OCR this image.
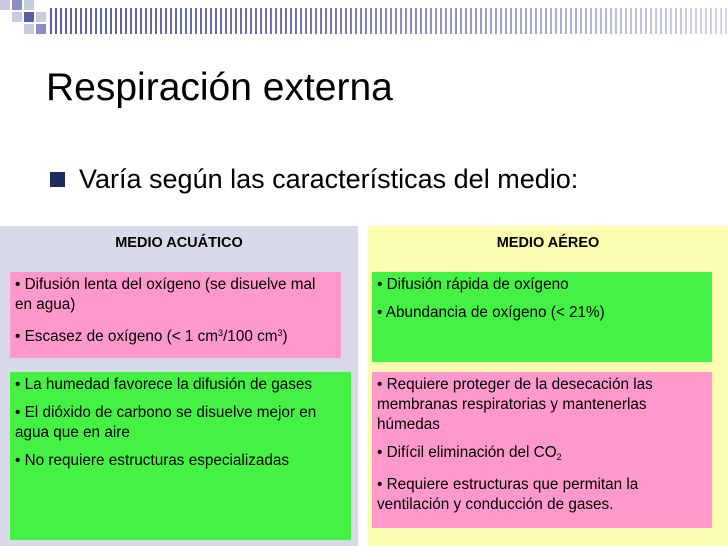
Respiración externa
Varía según las características del medio:
MEDIO ACUÁTICO

• Difusión lenta del oxígeno (se disuelve mal en agua)

• Escasez de oxígeno (< 1 $cm^3/100$ $cm^3$)

• La humedad favorece la difusión de gases

• El dióxido de carbono se disuelve mejor en agua que en aire

• No requiere estructuras especializadas

MEDIO AÉREO

• Difusión rápida de oxígeno

• Abundancia de oxígeno (< 21%)

• Requiere proteger de la desecación las membranas respiratorias y mantenerlas húmedas

• Difícil eliminación del $CO_2$

• Requiere estructuras que permitan la ventilación y conducción de gases.
